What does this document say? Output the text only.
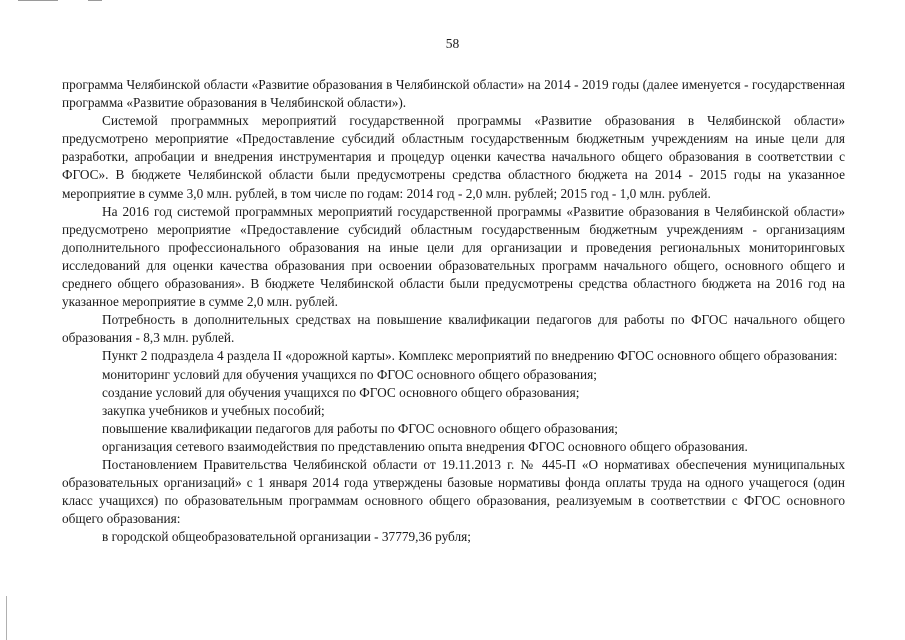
58

программа Челябинской области «Развитие образования в Челябинской области» на 2014 - 2019 годы (далее именуется - государственная программа «Развитие образования в Челябинской области»).

Системой программных мероприятий государственной программы «Развитие образования в Челябинской области» предусмотрено мероприятие «Предоставление субсидий областным государственным бюджетным учреждениям на иные цели для разработки, апробации и внедрения инструментария и процедур оценки качества начального общего образования в соответствии с ФГОС». В бюджете Челябинской области были предусмотрены средства областного бюджета на 2014 - 2015 годы на указанное мероприятие в сумме 3,0 млн. рублей, в том числе по годам: 2014 год - 2,0 млн. рублей; 2015 год - 1,0 млн. рублей.

На 2016 год системой программных мероприятий государственной программы «Развитие образования в Челябинской области» предусмотрено мероприятие «Предоставление субсидий областным государственным бюджетным учреждениям - организациям дополнительного профессионального образования на иные цели для организации и проведения региональных мониторинговых исследований для оценки качества образования при освоении образовательных программ начального общего, основного общего и среднего общего образования». В бюджете Челябинской области были предусмотрены средства областного бюджета на 2016 год на указанное мероприятие в сумме 2,0 млн. рублей.

Потребность в дополнительных средствах на повышение квалификации педагогов для работы по ФГОС начального общего образования - 8,3 млн. рублей.

Пункт 2 подраздела 4 раздела II «дорожной карты». Комплекс мероприятий по внедрению ФГОС основного общего образования:

мониторинг условий для обучения учащихся по ФГОС основного общего образования;

создание условий для обучения учащихся по ФГОС основного общего образования;

закупка учебников и учебных пособий;

повышение квалификации педагогов для работы по ФГОС основного общего образования;

организация сетевого взаимодействия по представлению опыта внедрения ФГОС основного общего образования.

Постановлением Правительства Челябинской области от 19.11.2013 г. № 445-П «О нормативах обеспечения муниципальных образовательных организаций» с 1 января 2014 года утверждены базовые нормативы фонда оплаты труда на одного учащегося (один класс учащихся) по образовательным программам основного общего образования, реализуемым в соответствии с ФГОС основного общего образования:

в городской общеобразовательной организации - 37779,36 рубля;
